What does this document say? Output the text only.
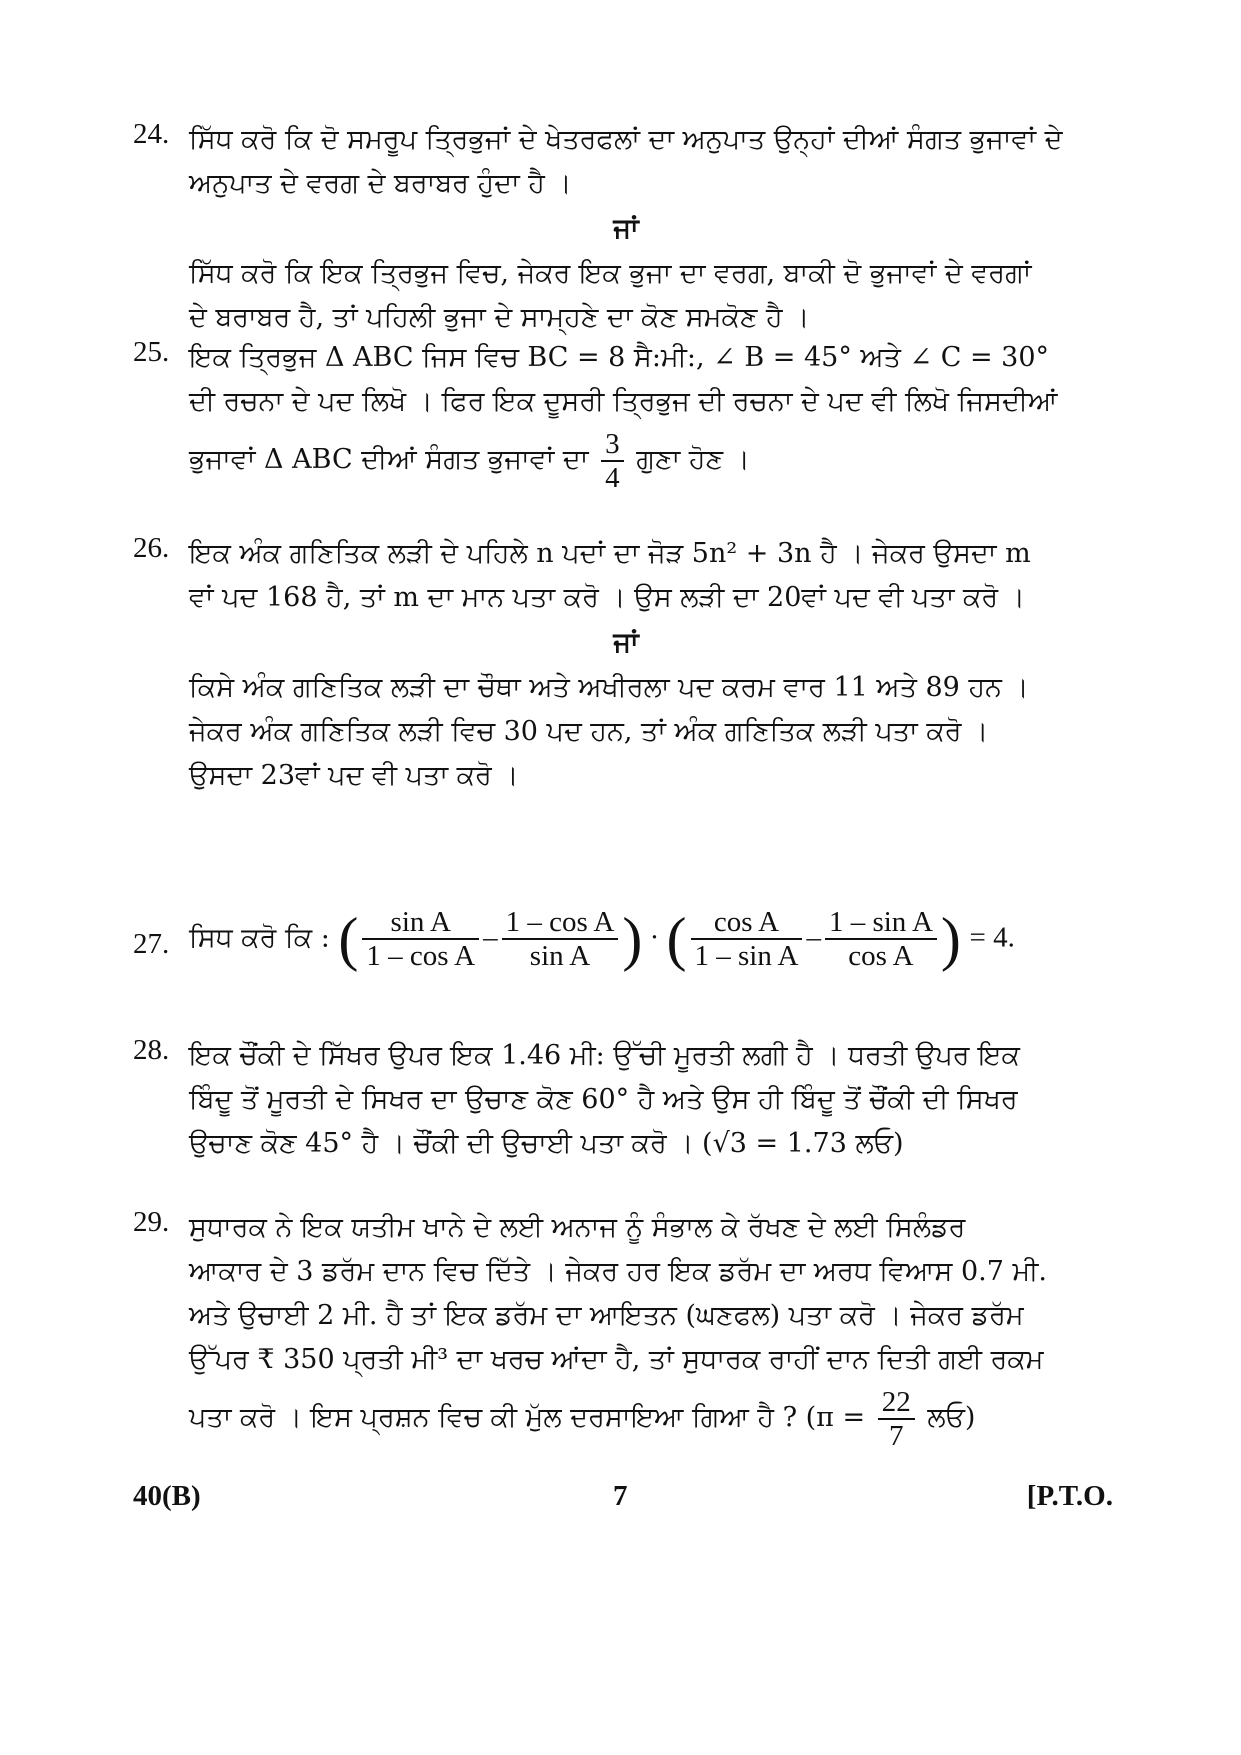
24. ਸਿੱਧ ਕਰੋ ਕਿ ਦੋ ਸਮਰੂਪ ਤ੍ਰਿਭੁਜਾਂ ਦੇ ਖੇਤਰਫਲਾਂ ਦਾ ਅਨੁਪਾਤ ਉਨ੍ਹਾਂ ਦੀਆਂ ਸੰਗਤ ਭੁਜਾਵਾਂ ਦੇ
ਅਨੁਪਾਤ ਦੇ ਵਰਗ ਦੇ ਬਰਾਬਰ ਹੁੰਦਾ ਹੈ ।
ਜਾਂ
ਸਿੱਧ ਕਰੋ ਕਿ ਇਕ ਤ੍ਰਿਭੁਜ ਵਿਚ, ਜੇਕਰ ਇਕ ਭੁਜਾ ਦਾ ਵਰਗ, ਬਾਕੀ ਦੋ ਭੁਜਾਵਾਂ ਦੇ ਵਰਗਾਂ
ਦੇ ਬਰਾਬਰ ਹੈ, ਤਾਂ ਪਹਿਲੀ ਭੁਜਾ ਦੇ ਸਾਮ੍ਹਣੇ ਦਾ ਕੋਣ ਸਮਕੋਣ ਹੈ ।
25. ਇਕ ਤ੍ਰਿਭੁਜ Δ ABC ਜਿਸ ਵਿਚ BC = 8 ਸੈ:ਮੀ:, ∠ B = 45° ਅਤੇ ∠ C = 30°
ਦੀ ਰਚਨਾ ਦੇ ਪਦ ਲਿਖੋ । ਫਿਰ ਇਕ ਦੂਸਰੀ ਤ੍ਰਿਭੁਜ ਦੀ ਰਚਨਾ ਦੇ ਪਦ ਵੀ ਲਿਖੋ ਜਿਸਦੀਆਂ
ਭੁਜਾਵਾਂ Δ ABC ਦੀਆਂ ਸੰਗਤ ਭੁਜਾਵਾਂ ਦਾ $\frac{3}{4}$ ਗੁਣਾ ਹੋਣ ।
26. ਇਕ ਅੰਕ ਗਣਿਤਿਕ ਲੜੀ ਦੇ ਪਹਿਲੇ n ਪਦਾਂ ਦਾ ਜੋੜ 5n² + 3n ਹੈ । ਜੇਕਰ ਉਸਦਾ m
ਵਾਂ ਪਦ 168 ਹੈ, ਤਾਂ m ਦਾ ਮਾਨ ਪਤਾ ਕਰੋ । ਉਸ ਲੜੀ ਦਾ 20ਵਾਂ ਪਦ ਵੀ ਪਤਾ ਕਰੋ ।
ਜਾਂ
ਕਿਸੇ ਅੰਕ ਗਣਿਤਿਕ ਲੜੀ ਦਾ ਚੌਥਾ ਅਤੇ ਅਖੀਰਲਾ ਪਦ ਕਰਮ ਵਾਰ 11 ਅਤੇ 89 ਹਨ ।
ਜੇਕਰ ਅੰਕ ਗਣਿਤਿਕ ਲੜੀ ਵਿਚ 30 ਪਦ ਹਨ, ਤਾਂ ਅੰਕ ਗਣਿਤਿਕ ਲੜੀ ਪਤਾ ਕਰੋ ।
ਉਸਦਾ 23ਵਾਂ ਪਦ ਵੀ ਪਤਾ ਕਰੋ ।
27. ਸਿਧ ਕਰੋ ਕਿ : ( $\frac{\text{sin A}}{\text{1 – cos A}} - \frac{\text{1 – cos A}}{\text{sin A}}$ ) · ( $\frac{\text{cos A}}{\text{1 – sin A}} - \frac{\text{1 – sin A}}{\text{cos A}}$ ) = 4.
28. ਇਕ ਚੌਂਕੀ ਦੇ ਸਿੱਖਰ ਉਪਰ ਇਕ 1.46 ਮੀ: ਉੱਚੀ ਮੂਰਤੀ ਲਗੀ ਹੈ । ਧਰਤੀ ਉਪਰ ਇਕ
ਬਿੰਦੂ ਤੋਂ ਮੂਰਤੀ ਦੇ ਸਿਖਰ ਦਾ ਉਚਾਣ ਕੋਣ 60° ਹੈ ਅਤੇ ਉਸ ਹੀ ਬਿੰਦੂ ਤੋਂ ਚੌਂਕੀ ਦੀ ਸਿਖਰ
ਉਚਾਣ ਕੋਣ 45° ਹੈ । ਚੌਂਕੀ ਦੀ ਉਚਾਈ ਪਤਾ ਕਰੋ । (√3 = 1.73 ਲਓ)
29. ਸੁਧਾਰਕ ਨੇ ਇਕ ਯਤੀਮ ਖਾਨੇ ਦੇ ਲਈ ਅਨਾਜ ਨੂੰ ਸੰਭਾਲ ਕੇ ਰੱਖਣ ਦੇ ਲਈ ਸਿਲੰਡਰ
ਆਕਾਰ ਦੇ 3 ਡਰੱਮ ਦਾਨ ਵਿਚ ਦਿੱਤੇ । ਜੇਕਰ ਹਰ ਇਕ ਡਰੱਮ ਦਾ ਅਰਧ ਵਿਆਸ 0.7 ਮੀ.
ਅਤੇ ਉਚਾਈ 2 ਮੀ. ਹੈ ਤਾਂ ਇਕ ਡਰੱਮ ਦਾ ਆਇਤਨ (ਘਣਫਲ) ਪਤਾ ਕਰੋ । ਜੇਕਰ ਡਰੱਮ
ਉੱਪਰ ₹ 350 ਪ੍ਰਤੀ ਮੀ³ ਦਾ ਖਰਚ ਆਂਦਾ ਹੈ, ਤਾਂ ਸੁਧਾਰਕ ਰਾਹੀਂ ਦਾਨ ਦਿਤੀ ਗਈ ਰਕਮ
ਪਤਾ ਕਰੋ । ਇਸ ਪ੍ਰਸ਼ਨ ਵਿਚ ਕੀ ਮੁੱਲ ਦਰਸਾਇਆ ਗਿਆ ਹੈ ? ($\pi = \frac{22}{7}$ ਲਓ)
40(B)	7	[P.T.O.
